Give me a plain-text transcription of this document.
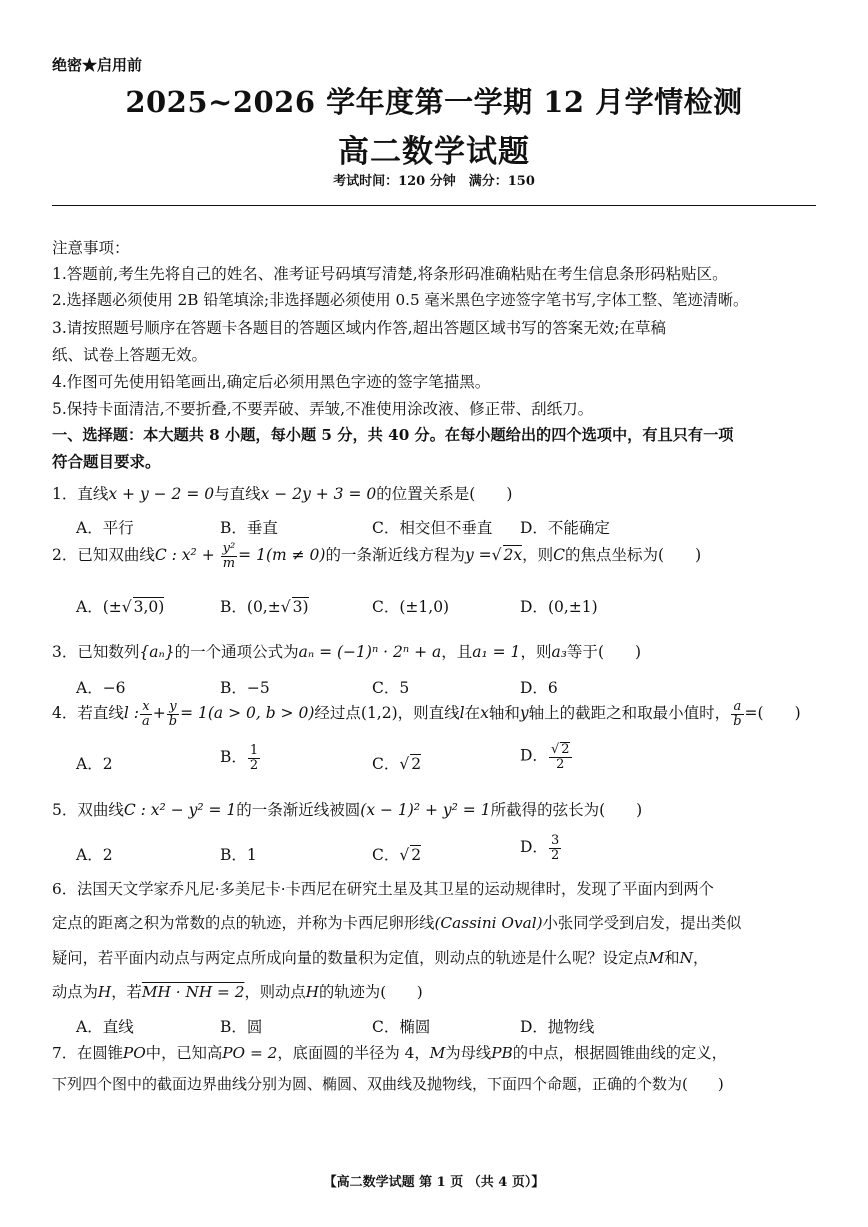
绝密★启用前
2025~2026 学年度第一学期 12 月学情检测
高二数学试题
考试时间：120 分钟　满分：150
注意事项：
1.答题前,考生先将自己的姓名、准考证号码填写清楚,将条形码准确粘贴在考生信息条形码粘贴区。
2.选择题必须使用 2B 铅笔填涂;非选择题必须使用 0.5 毫米黑色字迹签字笔书写,字体工整、笔迹清晰。
3.请按照题号顺序在答题卡各题目的答题区域内作答,超出答题区域书写的答案无效;在草稿
纸、试卷上答题无效。
4.作图可先使用铅笔画出,确定后必须用黑色字迹的签字笔描黑。
5.保持卡面清洁,不要折叠,不要弄破、弄皱,不准使用涂改液、修正带、刮纸刀。
一、选择题：本大题共 8 小题，每小题 5 分，共 40 分。在每小题给出的四个选项中，有且只有一项
符合题目要求。
1．直线x + y − 2 = 0与直线x − 2y + 3 = 0的位置关系是(　　)
A．平行	B．垂直	C．相交但不垂直 D．不能确定
2．已知双曲线C : $x^2 + \frac{\text{y²}}{m} = 1(m \ne 0)$的一条渐近线方程为y =√ 2x，则C的焦点坐标为(　　)
A．(±√ 3,0)	B．(0,±√ 3)	C．(±1,0)	D．(0,±1)
3．已知数列{aₙ}的一个通项公式为aₙ = (−1)ⁿ · 2ⁿ + a，且a₁ = 1，则a₃等于(　　)
A．−6	B．−5	C．5	D．6
4．若直线l : $\frac{x}{a} + \frac{y}{b} = 1(a > 0$, b > 0)经过点(1,2)，则直线l在x轴和y轴上的截距之和取最小值时， $\frac{a}{b}$ =(　　)
A．2	B． $\frac{1}{2}$	C．√ 2	D． $\frac{√ 2}{2}$
5．双曲线C : x² − y² = 1的一条渐近线被圆(x − 1)² + y² = 1所截得的弦长为(　　)
A．2	B．1	C．√ 2	D． $\frac{3}{2}$
6．法国天文学家乔凡尼·多美尼卡·卡西尼在研究土星及其卫星的运动规律时，发现了平面内到两个
定点的距离之积为常数的点的轨迹，并称为卡西尼卵形线(Cassini Oval)小张同学受到启发，提出类似
疑问，若平面内动点与两定点所成向量的数量积为定值，则动点的轨迹是什么呢？设定点M和N，
动点为H，若MH · NH = 2，则动点H的轨迹为(　　)
A．直线	B．圆	C．椭圆	D．抛物线
7．在圆锥PO中，已知高PO = 2，底面圆的半径为 4，M为母线PB的中点，根据圆锥曲线的定义，
下列四个图中的截面边界曲线分别为圆、椭圆、双曲线及抛物线，下面四个命题，正确的个数为(　　)
【高二数学试题 第 1 页 （共 4 页）】
